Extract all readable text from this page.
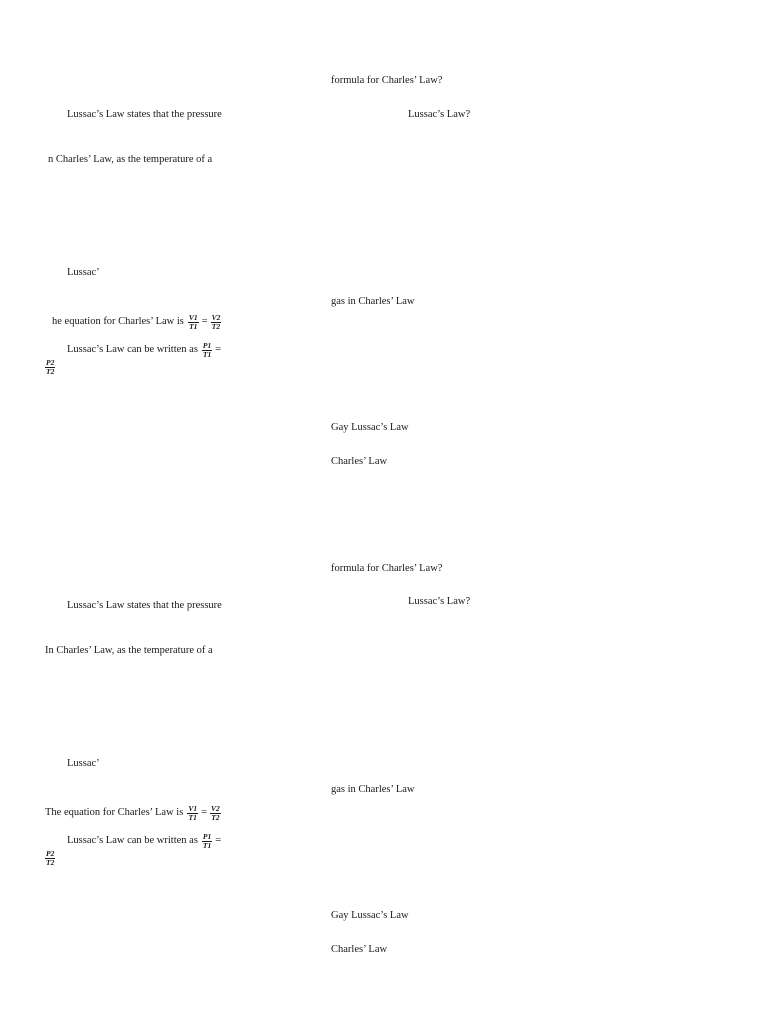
formula for Charles’ Law?
Lussac’s Law states that the pressure	Lussac’s Law?
n Charles’ Law, as the temperature of a
Lussac’
gas in Charles’ Law
he equation for Charles’ Law is $\frac{V1}{T1} = \frac{V2}{T2}$
Lussac’s Law can be written as $\frac{P1}{T1}$ =
$\frac{P2}{T2}$
Gay Lussac’s Law
Charles’ Law
formula for Charles’ Law?
Lussac’s Law states that the pressure	Lussac’s Law?
In Charles’ Law, as the temperature of a
Lussac’
gas in Charles’ Law
The equation for Charles’ Law is $\frac{V1}{T1} = \frac{V2}{T2}$
Lussac’s Law can be written as $\frac{P1}{T1}$ =
$\frac{P2}{T2}$
Gay Lussac’s Law
Charles’ Law
